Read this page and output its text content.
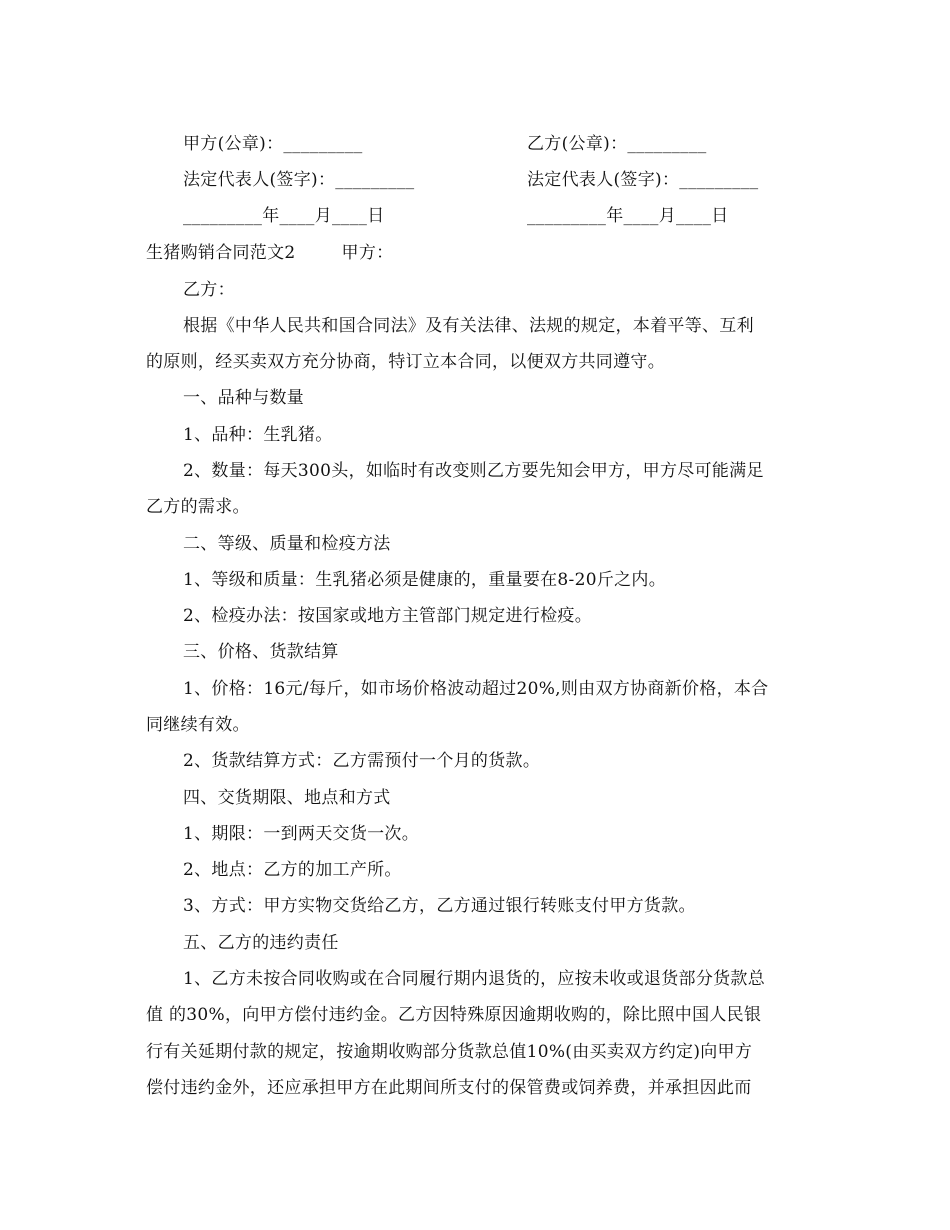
甲方(公章)：_________	乙方(公章)：_________
法定代表人(签字)：_________	法定代表人(签字)：_________
_________年____月____日	_________年____月____日
生猪购销合同范文2	甲方：
乙方：
根据《中华人民共和国合同法》及有关法律、法规的规定，本着平等、互利
的原则，经买卖双方充分协商，特订立本合同，以便双方共同遵守。
一、品种与数量
1、品种：生乳猪。
2、数量：每天300头，如临时有改变则乙方要先知会甲方，甲方尽可能满足
乙方的需求。
二、等级、质量和检疫方法
1、等级和质量：生乳猪必须是健康的，重量要在8-20斤之内。
2、检疫办法：按国家或地方主管部门规定进行检疫。
三、价格、货款结算
1、价格：16元/每斤，如市场价格波动超过20%,则由双方协商新价格，本合
同继续有效。
2、货款结算方式：乙方需预付一个月的货款。
四、交货期限、地点和方式
1、期限：一到两天交货一次。
2、地点：乙方的加工产所。
3、方式：甲方实物交货给乙方，乙方通过银行转账支付甲方货款。
五、乙方的违约责任
1、乙方未按合同收购或在合同履行期内退货的，应按未收或退货部分货款总
值 的30%，向甲方偿付违约金。乙方因特殊原因逾期收购的，除比照中国人民银
行有关延期付款的规定，按逾期收购部分货款总值10%(由买卖双方约定)向甲方
偿付违约金外，还应承担甲方在此期间所支付的保管费或饲养费，并承担因此而
